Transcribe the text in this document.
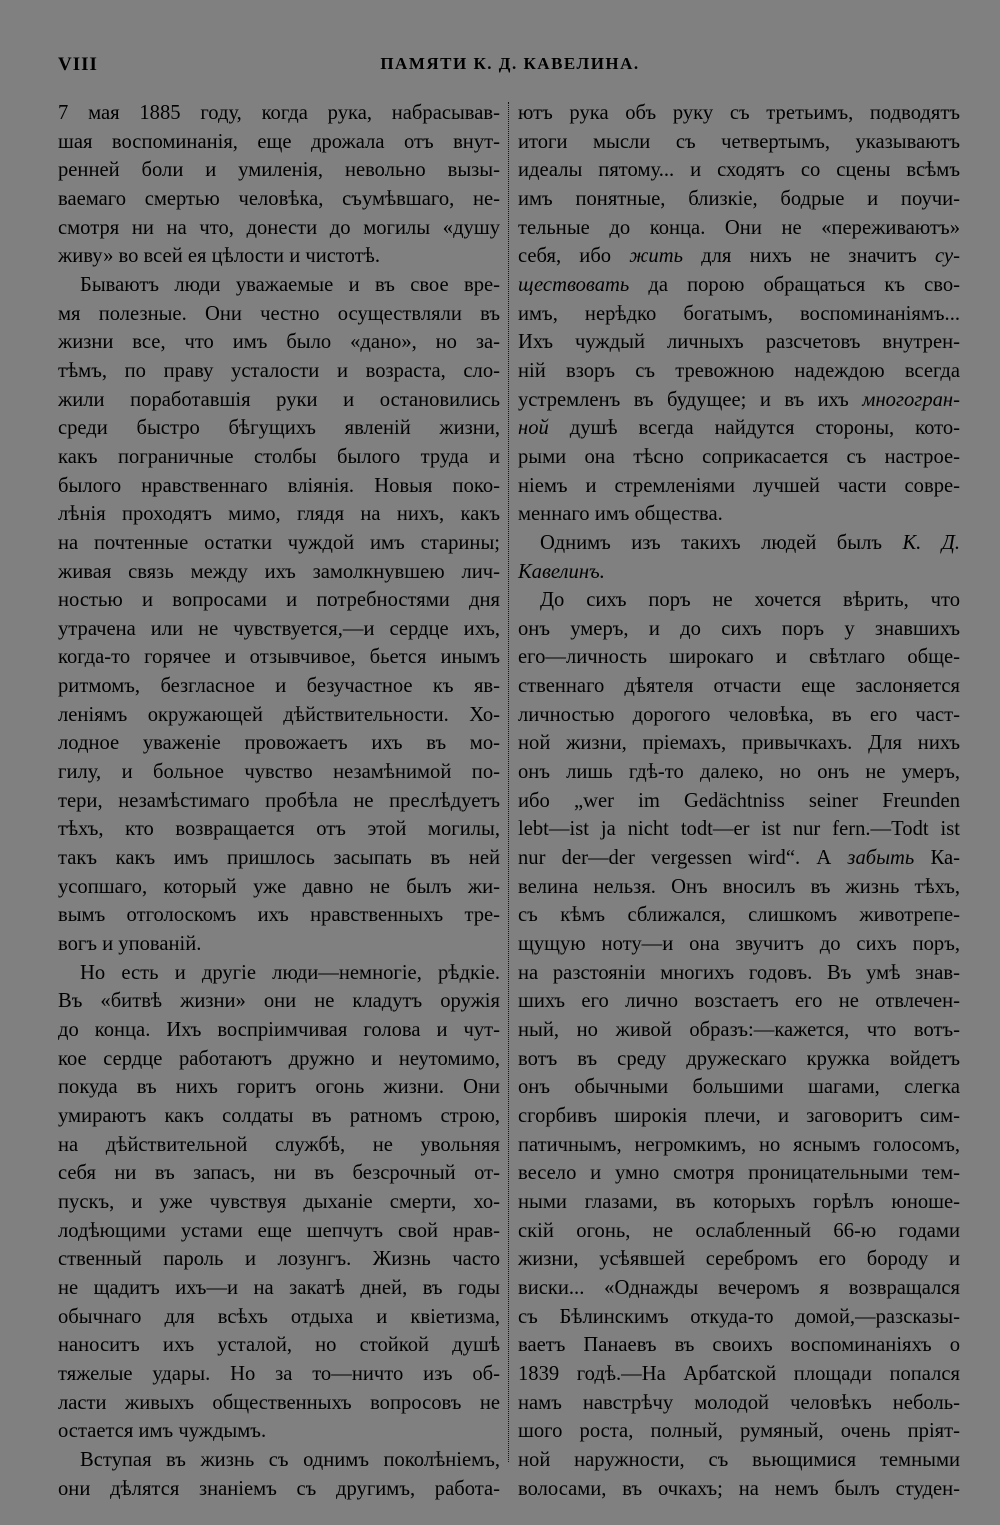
VIII	ПАМЯТИ К. Д. КАВЕЛИНА.
7 мая 1885 году, когда рука, набрасывав-
шая воспоминанія, еще дрожала отъ внут-
ренней боли и умиленія, невольно вызы-
ваемаго смертью человѣка, съумѣвшаго, не-
смотря ни на что, донести до могилы «душу
живу» во всей ея цѣлости и чистотѣ.
Бываютъ люди уважаемые и въ свое вре-
мя полезные. Они честно осуществляли въ
жизни все, что имъ было «дано», но за-
тѣмъ, по праву усталости и возраста, сло-
жили поработавшія руки и остановились
среди быстро бѣгущихъ явленій жизни,
какъ пограничные столбы былого труда и
былого нравственнаго вліянія. Новыя поко-
лѣнія проходятъ мимо, глядя на нихъ, какъ
на почтенные остатки чуждой имъ старины;
живая связь между ихъ замолкнувшею лич-
ностью и вопросами и потребностями дня
утрачена или не чувствуется,—и сердце ихъ,
когда-то горячее и отзывчивое, бьется инымъ
ритмомъ, безгласное и безучастное къ яв-
леніямъ окружающей дѣйствительности. Хо-
лодное уваженіе провожаетъ ихъ въ мо-
гилу, и больное чувство незамѣнимой по-
тери, незамѣстимаго пробѣла не преслѣдуетъ
тѣхъ, кто возвращается отъ этой могилы,
такъ какъ имъ пришлось засыпать въ ней
усопшаго, который уже давно не былъ жи-
вымъ отголоскомъ ихъ нравственныхъ тре-
вогъ и упованій.
Но есть и другіе люди—немногіе, рѣдкіе.
Въ «битвѣ жизни» они не кладутъ оружія
до конца. Ихъ воспріимчивая голова и чут-
кое сердце работаютъ дружно и неутомимо,
покуда въ нихъ горитъ огонь жизни. Они
умираютъ какъ солдаты въ ратномъ строю,
на дѣйствительной службѣ, не увольняя
себя ни въ запасъ, ни въ безсрочный от-
пускъ, и уже чувствуя дыханіе смерти, хо-
лодѣющими устами еще шепчутъ свой нрав-
ственный пароль и лозунгъ. Жизнь часто
не щадитъ ихъ—и на закатѣ дней, въ годы
обычнаго для всѣхъ отдыха и квіетизма,
наноситъ ихъ усталой, но стойкой душѣ
тяжелые удары. Но за то—ничто изъ об-
ласти живыхъ общественныхъ вопросовъ не
остается имъ чуждымъ.
Вступая въ жизнь съ однимъ поколѣніемъ,
они дѣлятся знаніемъ съ другимъ, работа-
ютъ рука объ руку съ третьимъ, подводятъ
итоги мысли съ четвертымъ, указываютъ
идеалы пятому... и сходятъ со сцены всѣмъ
имъ понятные, близкіе, бодрые и поучи-
тельные до конца. Они не «переживаютъ»
себя, ибо жить для нихъ не значитъ су-
ществовать да порою обращаться къ сво-
имъ, нерѣдко богатымъ, воспоминаніямъ...
Ихъ чуждый личныхъ разсчетовъ внутрен-
ній взоръ съ тревожною надеждою всегда
устремленъ въ будущее; и въ ихъ многогран-
ной душѣ всегда найдутся стороны, кото-
рыми она тѣсно соприкасается съ настрое-
ніемъ и стремленіями лучшей части совре-
меннаго имъ общества.
Однимъ изъ такихъ людей былъ К. Д.
Кавелинъ.
До сихъ поръ не хочется вѣрить, что
онъ умеръ, и до сихъ поръ у знавшихъ
его—личность широкаго и свѣтлаго обще-
ственнаго дѣятеля отчасти еще заслоняется
личностью дорогого человѣка, въ его част-
ной жизни, пріемахъ, привычкахъ. Для нихъ
онъ лишь гдѣ-то далеко, но онъ не умеръ,
ибо „wer im Gedächtniss seiner Freunden
lebt—ist ja nicht todt—er ist nur fern.—Todt ist
nur der—der vergessen wird“. А забыть Ка-
велина нельзя. Онъ вносилъ въ жизнь тѣхъ,
съ кѣмъ сближался, слишкомъ животрепе-
щущую ноту—и она звучитъ до сихъ поръ,
на разстояніи многихъ годовъ. Въ умѣ знав-
шихъ его лично возстаетъ его не отвлечен-
ный, но живой образъ:—кажется, что вотъ-
вотъ въ среду дружескаго кружка войдетъ
онъ обычными большими шагами, слегка
сгорбивъ широкія плечи, и заговоритъ сим-
патичнымъ, негромкимъ, но яснымъ голосомъ,
весело и умно смотря проницательными тем-
ными глазами, въ которыхъ горѣлъ юноше-
скій огонь, не ослабленный 66-ю годами
жизни, усѣявшей серебромъ его бороду и
виски... «Однажды вечеромъ я возвращался
съ Бѣлинскимъ откуда-то домой,—разсказы-
ваетъ Панаевъ въ своихъ воспоминаніяхъ о
1839 годѣ.—На Арбатской площади попался
намъ навстрѣчу молодой человѣкъ неболь-
шого роста, полный, румяный, очень пріят-
ной наружности, съ вьющимися темными
волосами, въ очкахъ; на немъ былъ студен-
